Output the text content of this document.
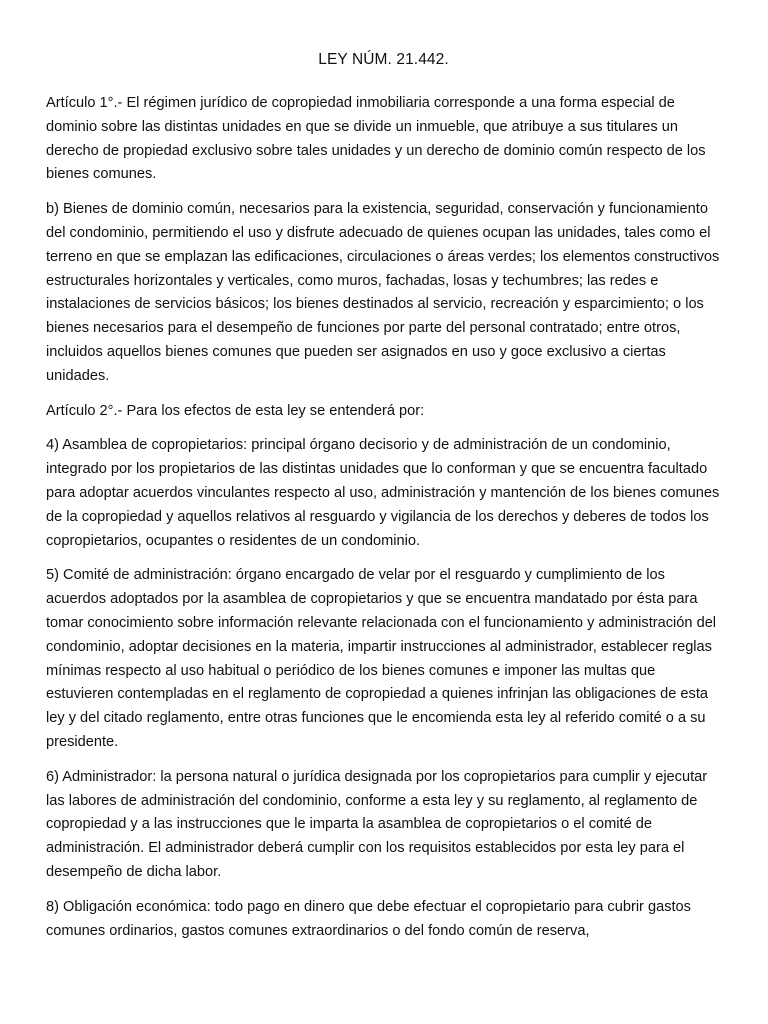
LEY NÚM. 21.442.

Artículo 1°.- El régimen jurídico de copropiedad inmobiliaria corresponde a una forma especial de dominio sobre las distintas unidades en que se divide un inmueble, que atribuye a sus titulares un derecho de propiedad exclusivo sobre tales unidades y un derecho de dominio común respecto de los bienes comunes.

b) Bienes de dominio común, necesarios para la existencia, seguridad, conservación y funcionamiento del condominio, permitiendo el uso y disfrute adecuado de quienes ocupan las unidades, tales como el terreno en que se emplazan las edificaciones, circulaciones o áreas verdes; los elementos constructivos estructurales horizontales y verticales, como muros, fachadas, losas y techumbres; las redes e instalaciones de servicios básicos; los bienes destinados al servicio, recreación y esparcimiento; o los bienes necesarios para el desempeño de funciones por parte del personal contratado; entre otros, incluidos aquellos bienes comunes que pueden ser asignados en uso y goce exclusivo a ciertas unidades.

Artículo 2°.- Para los efectos de esta ley se entenderá por:

4) Asamblea de copropietarios: principal órgano decisorio y de administración de un condominio, integrado por los propietarios de las distintas unidades que lo conforman y que se encuentra facultado para adoptar acuerdos vinculantes respecto al uso, administración y mantención de los bienes comunes de la copropiedad y aquellos relativos al resguardo y vigilancia de los derechos y deberes de todos los copropietarios, ocupantes o residentes de un condominio.

5) Comité de administración: órgano encargado de velar por el resguardo y cumplimiento de los acuerdos adoptados por la asamblea de copropietarios y que se encuentra mandatado por ésta para tomar conocimiento sobre información relevante relacionada con el funcionamiento y administración del condominio, adoptar decisiones en la materia, impartir instrucciones al administrador, establecer reglas mínimas respecto al uso habitual o periódico de los bienes comunes e imponer las multas que estuvieren contempladas en el reglamento de copropiedad a quienes infrinjan las obligaciones de esta ley y del citado reglamento, entre otras funciones que le encomienda esta ley al referido comité o a su presidente.

6) Administrador: la persona natural o jurídica designada por los copropietarios para cumplir y ejecutar las labores de administración del condominio, conforme a esta ley y su reglamento, al reglamento de copropiedad y a las instrucciones que le imparta la asamblea de copropietarios o el comité de administración. El administrador deberá cumplir con los requisitos establecidos por esta ley para el desempeño de dicha labor.

8) Obligación económica: todo pago en dinero que debe efectuar el copropietario para cubrir gastos comunes ordinarios, gastos comunes extraordinarios o del fondo común de reserva,
